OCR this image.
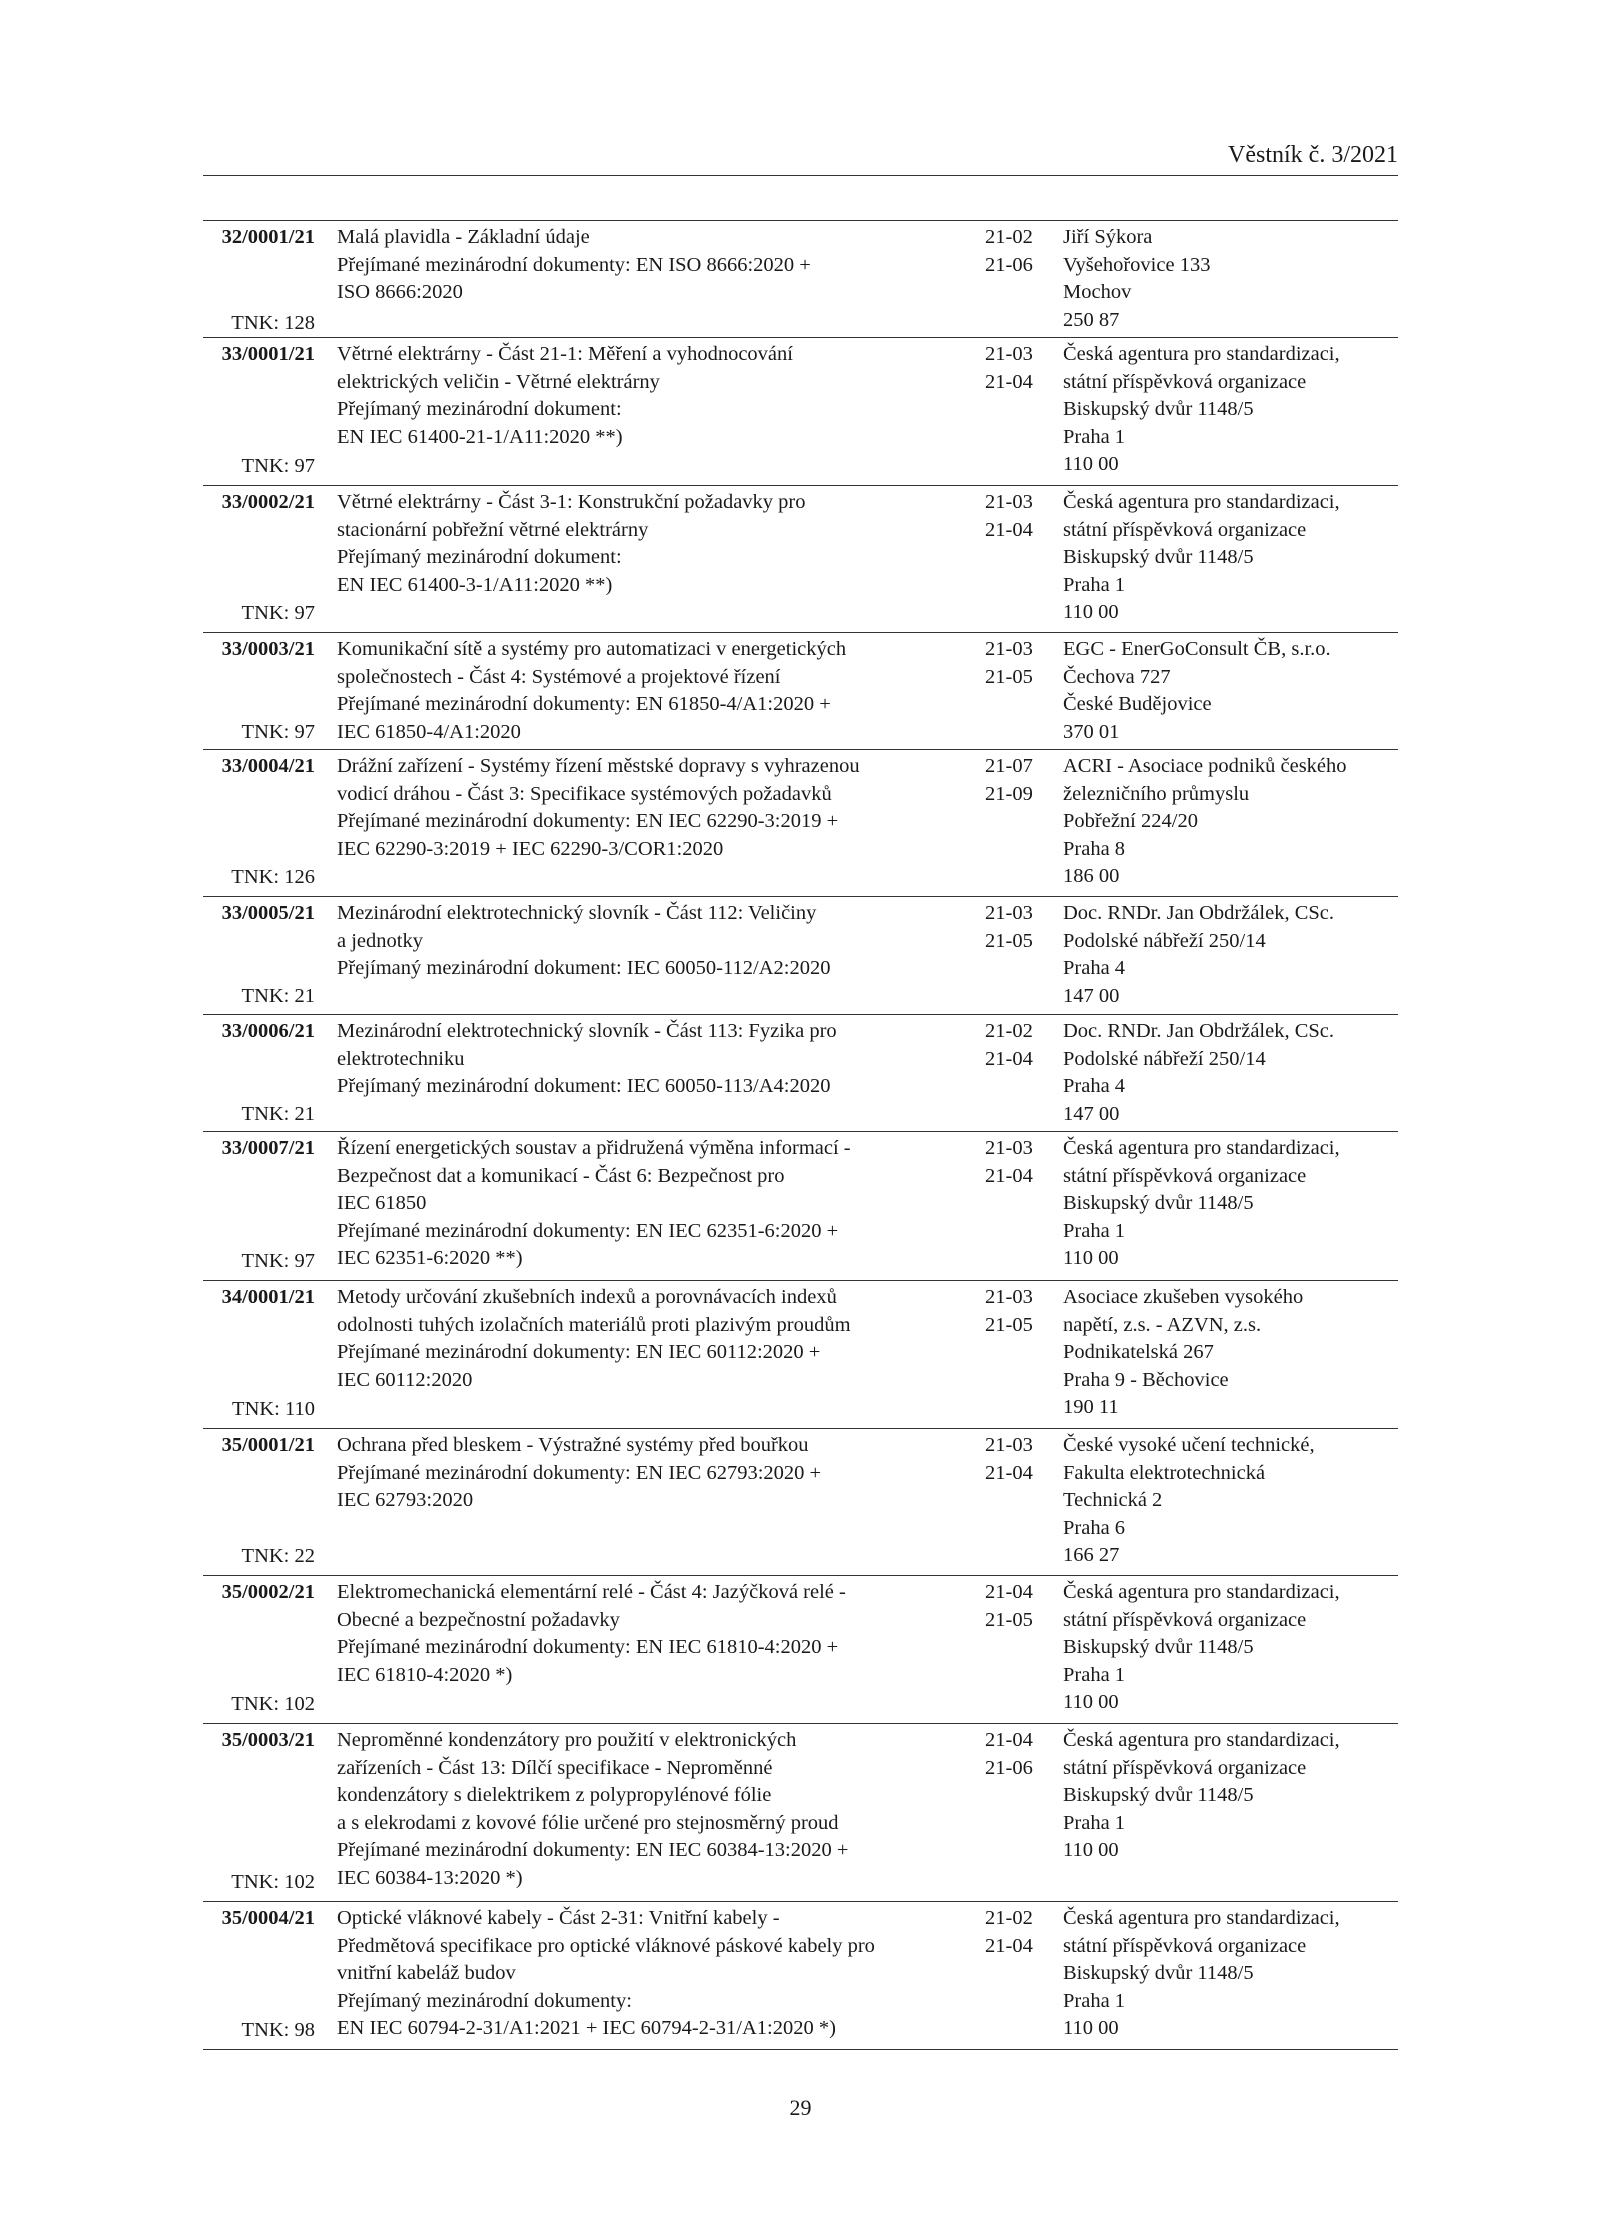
Věstník č. 3/2021
32/0001/21
TNK: 128
Malá plavidla - Základní údaje
Přejímané mezinárodní dokumenty: EN ISO 8666:2020 +
ISO 8666:2020
21-02
21-06
Jiří Sýkora
Vyšehořovice 133
Mochov
250 87
33/0001/21
TNK: 97
Větrné elektrárny - Část 21-1: Měření a vyhodnocování
elektrických veličin - Větrné elektrárny
Přejímaný mezinárodní dokument:
EN IEC 61400-21-1/A11:2020 **)
21-03
21-04
Česká agentura pro standardizaci,
státní příspěvková organizace
Biskupský dvůr 1148/5
Praha 1
110 00
33/0002/21
TNK: 97
Větrné elektrárny - Část 3-1: Konstrukční požadavky pro
stacionární pobřežní větrné elektrárny
Přejímaný mezinárodní dokument:
EN IEC 61400-3-1/A11:2020 **)
21-03
21-04
Česká agentura pro standardizaci,
státní příspěvková organizace
Biskupský dvůr 1148/5
Praha 1
110 00
33/0003/21
TNK: 97
Komunikační sítě a systémy pro automatizaci v energetických
společnostech - Část 4: Systémové a projektové řízení
Přejímané mezinárodní dokumenty: EN 61850-4/A1:2020 +
IEC 61850-4/A1:2020
21-03
21-05
EGC - EnerGoConsult ČB, s.r.o.
Čechova 727
České Budějovice
370 01
33/0004/21
TNK: 126
Drážní zařízení - Systémy řízení městské dopravy s vyhrazenou
vodicí dráhou - Část 3: Specifikace systémových požadavků
Přejímané mezinárodní dokumenty: EN IEC 62290-3:2019 +
IEC 62290-3:2019 + IEC 62290-3/COR1:2020
21-07
21-09
ACRI - Asociace podniků českého
železničního průmyslu
Pobřežní 224/20
Praha 8
186 00
33/0005/21
TNK: 21
Mezinárodní elektrotechnický slovník - Část 112: Veličiny
a jednotky
Přejímaný mezinárodní dokument: IEC 60050-112/A2:2020
21-03
21-05
Doc. RNDr. Jan Obdržálek, CSc.
Podolské nábřeží 250/14
Praha 4
147 00
33/0006/21
TNK: 21
Mezinárodní elektrotechnický slovník - Část 113: Fyzika pro
elektrotechniku
Přejímaný mezinárodní dokument: IEC 60050-113/A4:2020
21-02
21-04
Doc. RNDr. Jan Obdržálek, CSc.
Podolské nábřeží 250/14
Praha 4
147 00
33/0007/21
TNK: 97
Řízení energetických soustav a přidružená výměna informací -
Bezpečnost dat a komunikací - Část 6: Bezpečnost pro
IEC 61850
Přejímané mezinárodní dokumenty: EN IEC 62351-6:2020 +
IEC 62351-6:2020 **)
21-03
21-04
Česká agentura pro standardizaci,
státní příspěvková organizace
Biskupský dvůr 1148/5
Praha 1
110 00
34/0001/21
TNK: 110
Metody určování zkušebních indexů a porovnávacích indexů
odolnosti tuhých izolačních materiálů proti plazivým proudům
Přejímané mezinárodní dokumenty: EN IEC 60112:2020 +
IEC 60112:2020
21-03
21-05
Asociace zkušeben vysokého
napětí, z.s. - AZVN, z.s.
Podnikatelská 267
Praha 9 - Běchovice
190 11
35/0001/21
TNK: 22
Ochrana před bleskem - Výstražné systémy před bouřkou
Přejímané mezinárodní dokumenty: EN IEC 62793:2020 +
IEC 62793:2020
21-03
21-04
České vysoké učení technické,
Fakulta elektrotechnická
Technická 2
Praha 6
166 27
35/0002/21
TNK: 102
Elektromechanická elementární relé - Část 4: Jazýčková relé -
Obecné a bezpečnostní požadavky
Přejímané mezinárodní dokumenty: EN IEC 61810-4:2020 +
IEC 61810-4:2020 *)
21-04
21-05
Česká agentura pro standardizaci,
státní příspěvková organizace
Biskupský dvůr 1148/5
Praha 1
110 00
35/0003/21
TNK: 102
Neproměnné kondenzátory pro použití v elektronických
zařízeních - Část 13: Dílčí specifikace - Neproměnné
kondenzátory s dielektrikem z polypropylénové fólie
a s elekrodami z kovové fólie určené pro stejnosměrný proud
Přejímané mezinárodní dokumenty: EN IEC 60384-13:2020 +
IEC 60384-13:2020 *)
21-04
21-06
Česká agentura pro standardizaci,
státní příspěvková organizace
Biskupský dvůr 1148/5
Praha 1
110 00
35/0004/21
TNK: 98
Optické vláknové kabely - Část 2-31: Vnitřní kabely -
Předmětová specifikace pro optické vláknové páskové kabely pro
vnitřní kabeláž budov
Přejímaný mezinárodní dokumenty:
EN IEC 60794-2-31/A1:2021 + IEC 60794-2-31/A1:2020 *)
21-02
21-04
Česká agentura pro standardizaci,
státní příspěvková organizace
Biskupský dvůr 1148/5
Praha 1
110 00
29
